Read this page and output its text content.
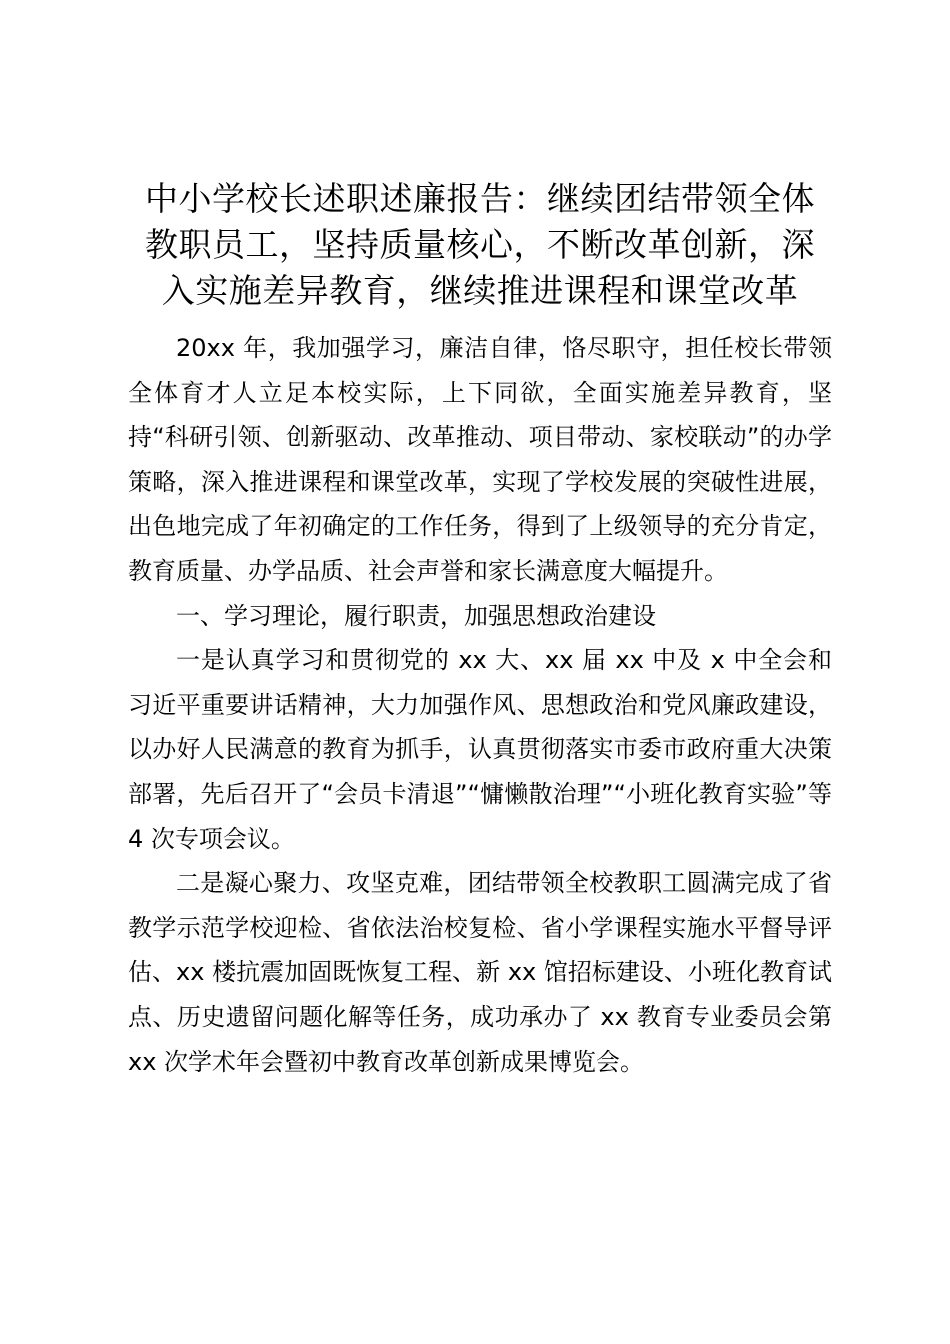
中小学校长述职述廉报告：继续团结带领全体
教职员工，坚持质量核心，不断改革创新，深
入实施差异教育，继续推进课程和课堂改革

20xx 年，我加强学习，廉洁自律，恪尽职守，担任校长带领全体育才人立足本校实际，上下同欲，全面实施差异教育，坚持“科研引领、创新驱动、改革推动、项目带动、家校联动”的办学策略，深入推进课程和课堂改革，实现了学校发展的突破性进展，出色地完成了年初确定的工作任务，得到了上级领导的充分肯定，教育质量、办学品质、社会声誉和家长满意度大幅提升。

一、学习理论，履行职责，加强思想政治建设

一是认真学习和贯彻党的 xx 大、xx 届 xx 中及 x 中全会和习近平重要讲话精神，大力加强作风、思想政治和党风廉政建设，以办好人民满意的教育为抓手，认真贯彻落实市委市政府重大决策部署，先后召开了“会员卡清退”“慵懒散治理”“小班化教育实验”等 4 次专项会议。

二是凝心聚力、攻坚克难，团结带领全校教职工圆满完成了省教学示范学校迎检、省依法治校复检、省小学课程实施水平督导评估、xx 楼抗震加固既恢复工程、新 xx 馆招标建设、小班化教育试点、历史遗留问题化解等任务，成功承办了 xx 教育专业委员会第 xx 次学术年会暨初中教育改革创新成果博览会。
